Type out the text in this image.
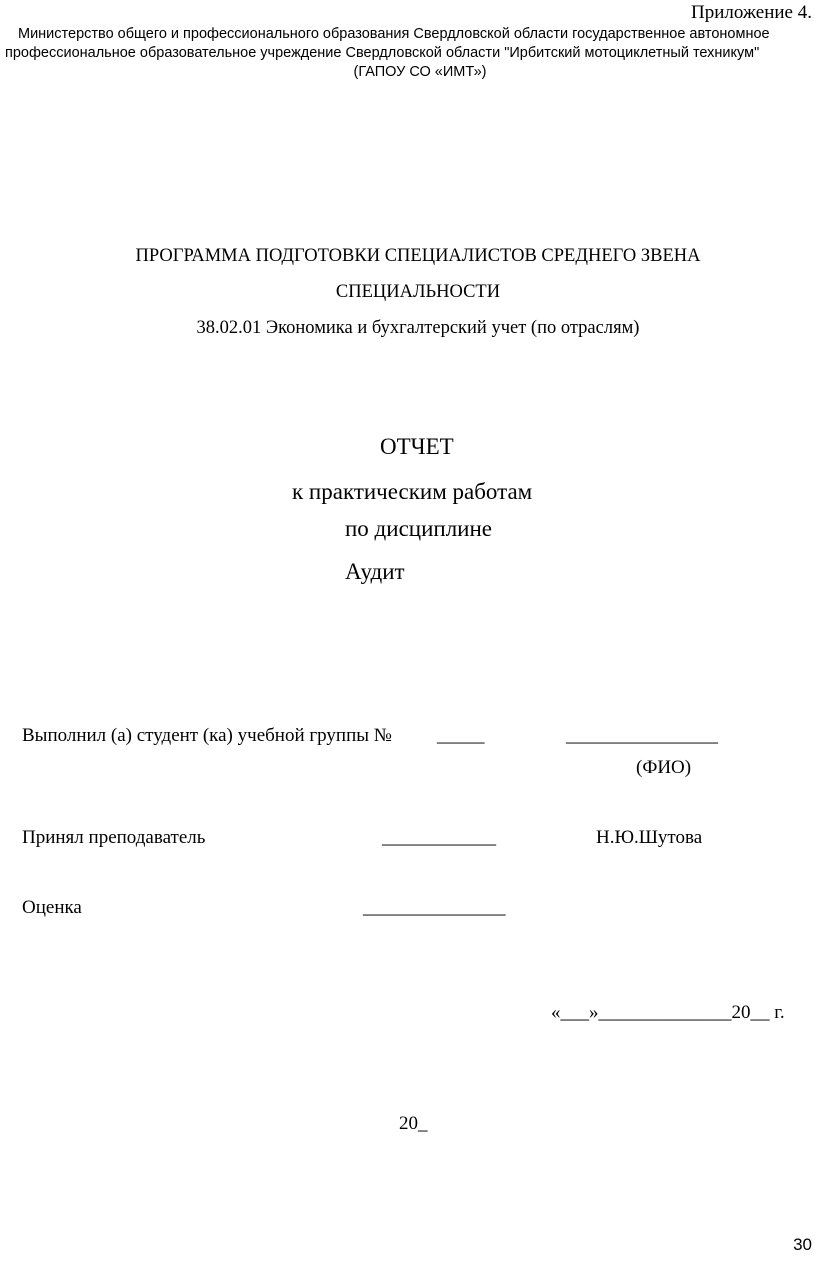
Приложение 4.
Министерство общего и профессионального образования Свердловской области государственное автономное
профессиональное образовательное учреждение Свердловской области "Ирбитский мотоциклетный техникум"
(ГАПОУ СО «ИМТ»)
ПРОГРАММА ПОДГОТОВКИ СПЕЦИАЛИСТОВ СРЕДНЕГО ЗВЕНА
СПЕЦИАЛЬНОСТИ
38.02.01 Экономика и бухгалтерский учет (по отраслям)
ОТЧЕТ
к практическим работам
по дисциплине
Аудит
Выполнил (а) студент (ка) учебной группы № _____	________________
(ФИО)
Принял преподаватель	____________	Н.Ю.Шутова
Оценка	_______________
«___»______________20__ г.
20_
30
